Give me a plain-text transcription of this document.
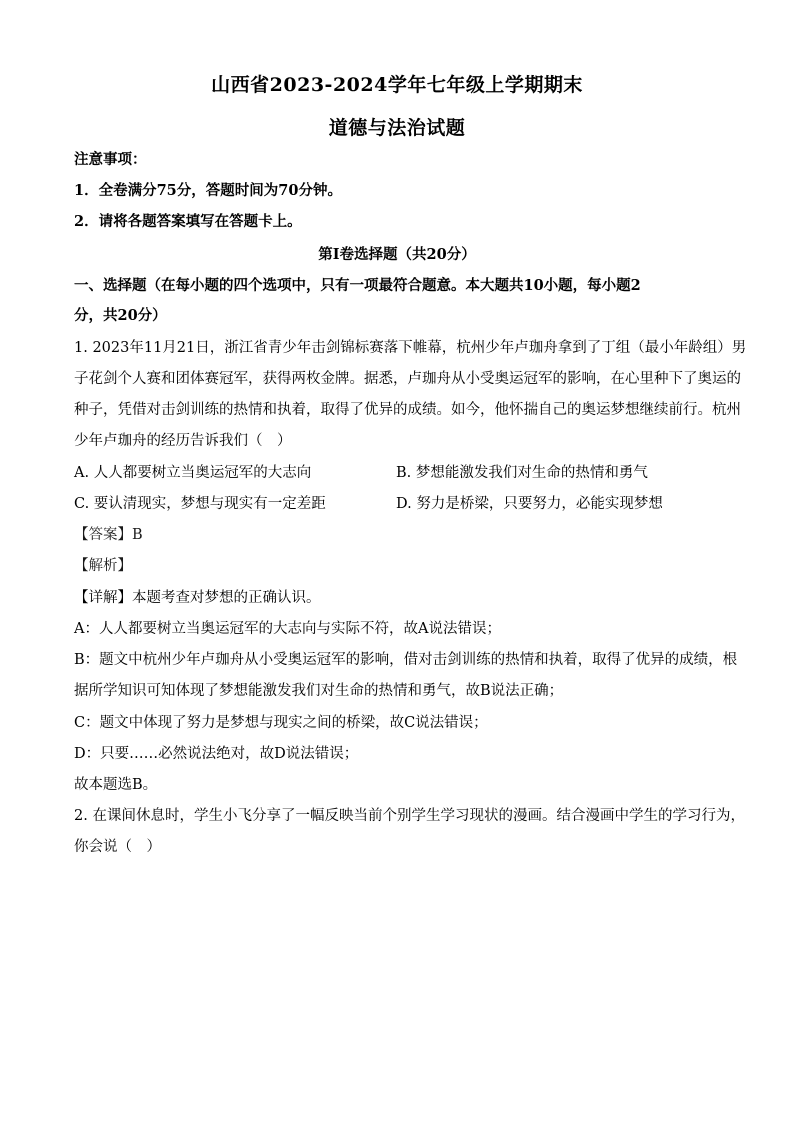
山西省2023-2024学年七年级上学期期末
道德与法治试题
注意事项：
1．全卷满分75分，答题时间为70分钟。
2．请将各题答案填写在答题卡上。
第Ⅰ卷选择题（共20分）
一、选择题（在每小题的四个选项中，只有一项最符合题意。本大题共10小题，每小题2
分，共20分）
1. 2023年11月21日，浙江省青少年击剑锦标赛落下帷幕，杭州少年卢珈舟拿到了丁组（最小年龄组）男
子花剑个人赛和团体赛冠军，获得两枚金牌。据悉，卢珈舟从小受奥运冠军的影响，在心里种下了奥运的
种子，凭借对击剑训练的热情和执着，取得了优异的成绩。如今，他怀揣自己的奥运梦想继续前行。杭州
少年卢珈舟的经历告诉我们（　）
A. 人人都要树立当奥运冠军的大志向	B. 梦想能激发我们对生命的热情和勇气
C. 要认清现实，梦想与现实有一定差距	D. 努力是桥梁，只要努力，必能实现梦想
【答案】B
【解析】
【详解】本题考查对梦想的正确认识。
A：人人都要树立当奥运冠军的大志向与实际不符，故A说法错误；
B：题文中杭州少年卢珈舟从小受奥运冠军的影响，借对击剑训练的热情和执着，取得了优异的成绩，根
据所学知识可知体现了梦想能激发我们对生命的热情和勇气，故B说法正确；
C：题文中体现了努力是梦想与现实之间的桥梁，故C说法错误；
D：只要……必然说法绝对，故D说法错误；
故本题选B。
2. 在课间休息时，学生小飞分享了一幅反映当前个别学生学习现状的漫画。结合漫画中学生的学习行为，
你会说（　）
